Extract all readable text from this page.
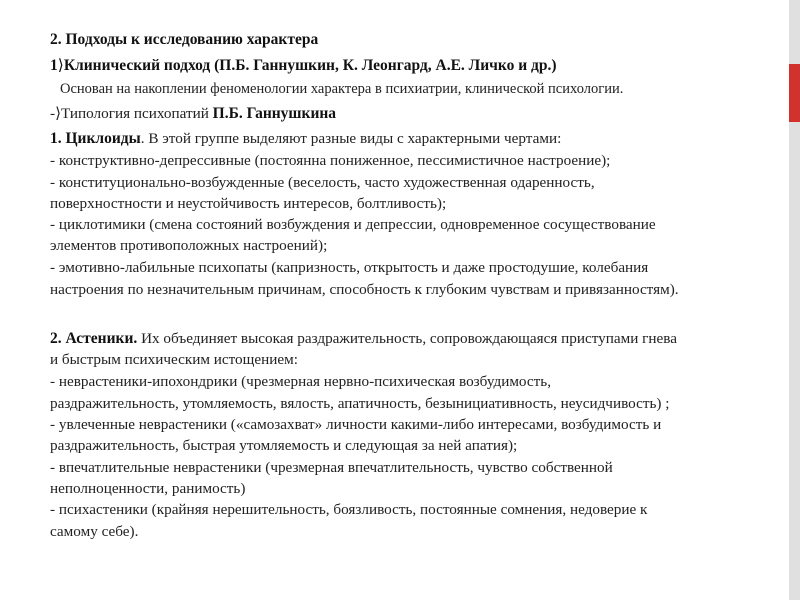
2. Подходы к исследованию характера
1⟩Клинический подход (П.Б. Ганнушкин, К. Леонгард, А.Е. Личко и др.)
Основан на накоплении феноменологии характера в психиатрии, клинической психологии.
-⟩Типология психопатий П.Б. Ганнушкина
1. Циклоиды. В этой группе выделяют разные виды с характерными чертами:
- конструктивно-депрессивные (постоянна пониженное, пессимистичное настроение);
- конституционально-возбужденные (веселость, часто художественная одаренность,
поверхностности и неустойчивость интересов, болтливость);
- циклотимики (смена состояний возбуждения и депрессии, одновременное сосуществование
элементов противоположных настроений);
- эмотивно-лабильные психопаты (капризность, открытость и даже простодушие, колебания
настроения по незначительным причинам, способность к глубоким чувствам и привязанностям).
2. Астеники. Их объединяет высокая раздражительность, сопровождающаяся приступами гнева
и быстрым психическим истощением:
- неврастеники-ипохондрики (чрезмерная нервно-психическая возбудимость,
раздражительность, утомляемость, вялость, апатичность, безынициативность, неусидчивость) ;
- увлеченные неврастеники («самозахват» личности какими-либо интересами, возбудимость и
раздражительность, быстрая утомляемость и следующая за ней апатия);
- впечатлительные неврастеники (чрезмерная впечатлительность, чувство собственной
неполноценности, ранимость)
- психастеники (крайняя нерешительность, боязливость, постоянные сомнения, недоверие к
самому себе).
